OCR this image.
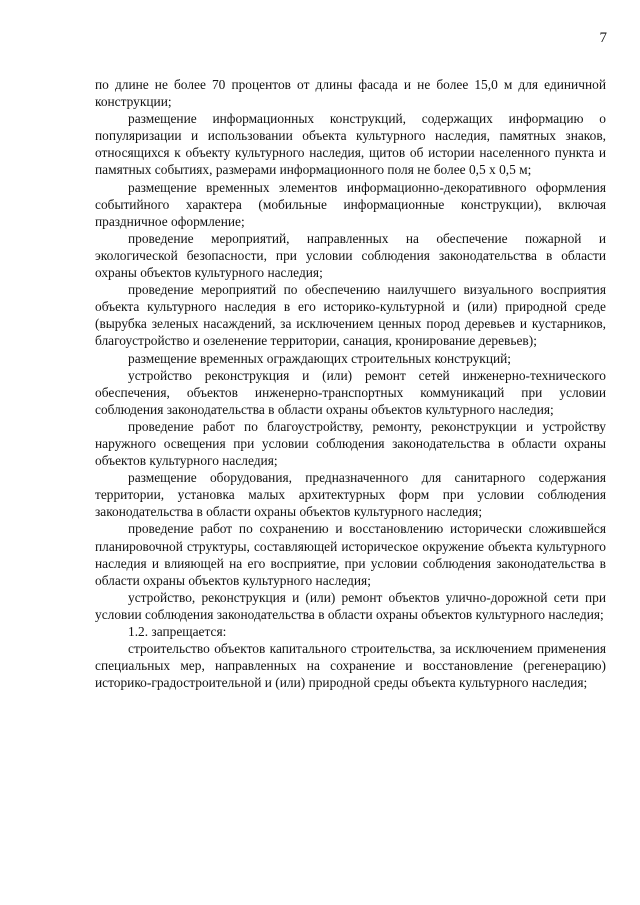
7

по длине не более 70 процентов от длины фасада и не более 15,0 м для единичной конструкции;

размещение информационных конструкций, содержащих информацию о популяризации и использовании объекта культурного наследия, памятных знаков, относящихся к объекту культурного наследия, щитов об истории населенного пункта и памятных событиях, размерами информационного поля не более 0,5 х 0,5 м;

размещение временных элементов информационно-декоративного оформления событийного характера (мобильные информационные конструкции), включая праздничное оформление;

проведение мероприятий, направленных на обеспечение пожарной и экологической безопасности, при условии соблюдения законодательства в области охраны объектов культурного наследия;

проведение мероприятий по обеспечению наилучшего визуального восприятия объекта культурного наследия в его историко-культурной и (или) природной среде (вырубка зеленых насаждений, за исключением ценных пород деревьев и кустарников, благоустройство и озеленение территории, санация, кронирование деревьев);

размещение временных ограждающих строительных конструкций;

устройство реконструкция и (или) ремонт сетей инженерно-технического обеспечения, объектов инженерно-транспортных коммуникаций при условии соблюдения законодательства в области охраны объектов культурного наследия;

проведение работ по благоустройству, ремонту, реконструкции и устройству наружного освещения при условии соблюдения законодательства в области охраны объектов культурного наследия;

размещение оборудования, предназначенного для санитарного содержания территории, установка малых архитектурных форм при условии соблюдения законодательства в области охраны объектов культурного наследия;

проведение работ по сохранению и восстановлению исторически сложившейся планировочной структуры, составляющей историческое окружение объекта культурного наследия и влияющей на его восприятие, при условии соблюдения законодательства в области охраны объектов культурного наследия;

устройство, реконструкция и (или) ремонт объектов улично-дорожной сети при условии соблюдения законодательства в области охраны объектов культурного наследия;

1.2. запрещается:

строительство объектов капитального строительства, за исключением применения специальных мер, направленных на сохранение и восстановление (регенерацию) историко-градостроительной и (или) природной среды объекта культурного наследия;
